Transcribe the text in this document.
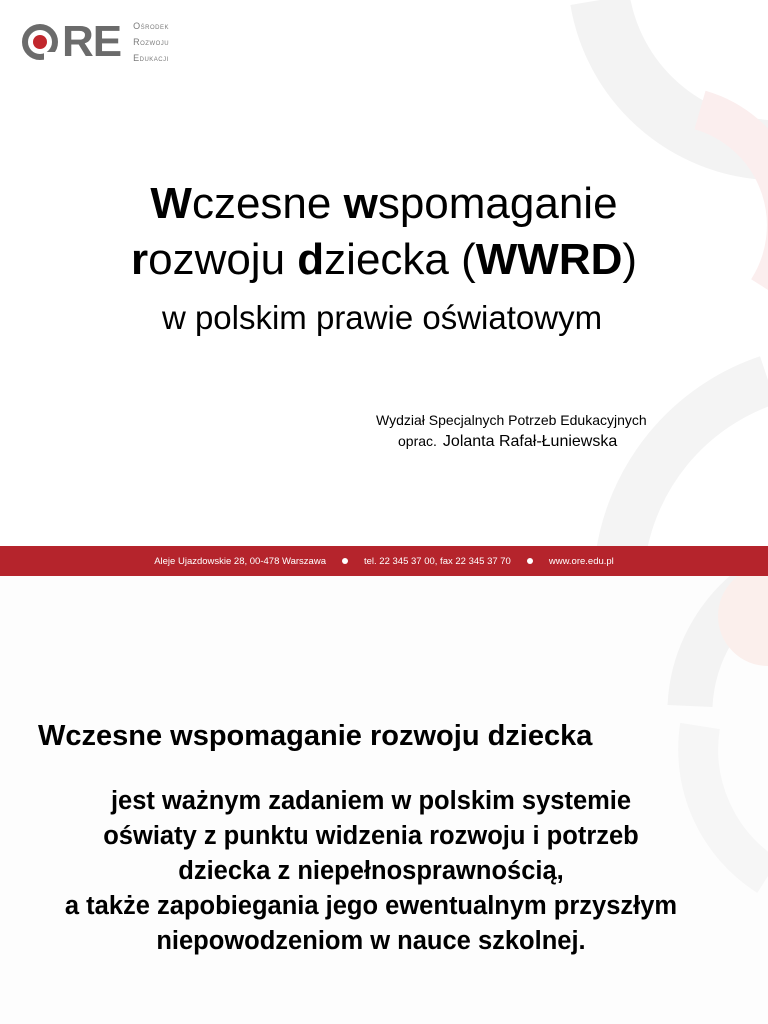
RE Ośrodek
Rozwoju
Edukacji
Wczesne wspomaganie
rozwoju dziecka (WWRD)
w polskim prawie oświatowym
Wydział Specjalnych Potrzeb Edukacyjnych
oprac. Jolanta Rafał-Łuniewska
Aleje Ujazdowskie 28, 00-478 Warszawa	tel. 22 345 37 00, fax 22 345 37 70	www.ore.edu.pl
Wczesne wspomaganie rozwoju dziecka
jest ważnym zadaniem w polskim systemie
oświaty z punktu widzenia rozwoju i potrzeb
dziecka z niepełnosprawnością,
a także zapobiegania jego ewentualnym przyszłym
niepowodzeniom w nauce szkolnej.
